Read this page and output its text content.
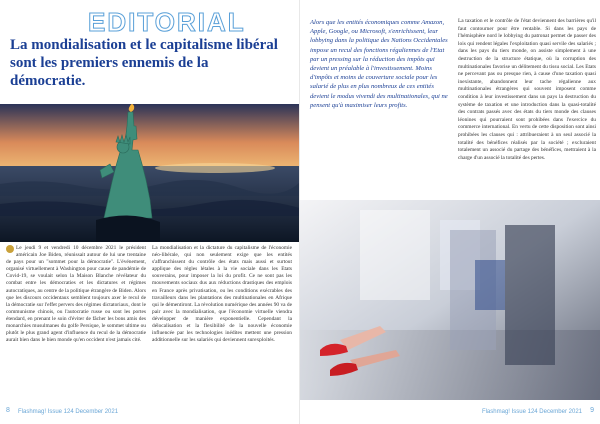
EDITORIAL
La mondialisation et le capitalisme libéral sont les premiers ennemis de la démocratie.

Le jeudi 9 et vendredi 10 décembre 2021 le président américain Joe Biden, réunissait autour de lui une trentaine de pays pour un "sommet pour la démocratie". L'événement, organisé virtuellement à Washington pour cause de pandémie de Covid-19, se voulait selon la Maison Blanche révélateur du combat entre les démocraties et les dictatures et régimes autocratiques, au centre de la politique étrangère de Biden. Alors que les discours occidentaux semblent toujours axer le recul de la démocratie sur l'effet pervers des régimes dictatoriaux, dont le communisme chinois, ou l'autocratie russe ou sont les portes étendard, en prenant le soin d'éviter de fâcher les bons amis des monarchies musulmanes du golfe Persique, le sommet ultime ou plutôt le plus grand agent d'influence du recul de la démocratie aurait bien dans le bien monde qu'en occident n'est jamais cité.

La mondialisation et la dictature du capitalisme de l'économie néo-libérale, qui non seulement exige que les entités s'affranchissent du contrôle des états mais aussi et surtout applique des règles létales à la vie sociale dans les Etats souverains, pour imposer la loi du profit. Ce ne sont pas les mouvements sociaux dus aux réductions drastiques des emplois en France après privatisation, ou les conditions exécrables des travailleurs dans les plantations des multinationales en Afrique qui le démentiront. La révolution numérique des années 90 va de pair avec la mondialisation, que l'économie virtuelle viendra développer de manière exponentielle. Cependant la délocalisation et la flexibilité de la nouvelle économie influencée par les technologies inédites mettent une pression additionnelle sur les salariés qui deviennent surexploités.

8 Flashmag! Issue 124 December 2021
Alors que les entités économiques comme Amazon, Apple, Google, ou Microsoft, s'enrichissent, leur lobbying dans la politique des Nations Occidentales impose un recul des fonctions régaliennes de l'Etat par un pressing sur la réduction des impôts qui devient un préalable à l'investissement. Moins d'impôts et moins de couverture sociale pour les salarié de plus en plus nombreux de ces entités devient le modus vivendi des multinationales, qui ne pensent qu'à maximiser leurs profits.

La taxation et le contrôle de l'état deviennent des barrières qu'il faut contourner pour être rentable. Si dans les pays de l'hémisphère nord le lobbying du patronat permet de passer des lois qui rendent légales l'exploitation quasi servile des salariés ; dans les pays du tiers monde, on assiste simplement à une destruction de la structure étatique, où la corruption des multinationales favorise un délitement du tissu social. Les Etats ne percevant pas ou presque rien, à cause d'une taxation quasi inexistante, abandonnent leur tache régalienne aux multinationales étrangères qui souvent imposent comme condition à leur investissement dans un pays la destruction du système de taxation et une introduction dans la quasi-totalité des contrats passés avec des états du tiers monde des clauses léonines qui pourraient sont prohibées dans l'exercice du commerce international. En vertu de cette disposition sont ainsi prohibées les clauses qui : attribueraient à un seul associé la totalité des bénéfices réalisés par la société ; excluraient totalement un associé du partage des bénéfices, mettraient à la charge d'un associé la totalité des pertes.

Flashmag! Issue 124 December 2021 9
